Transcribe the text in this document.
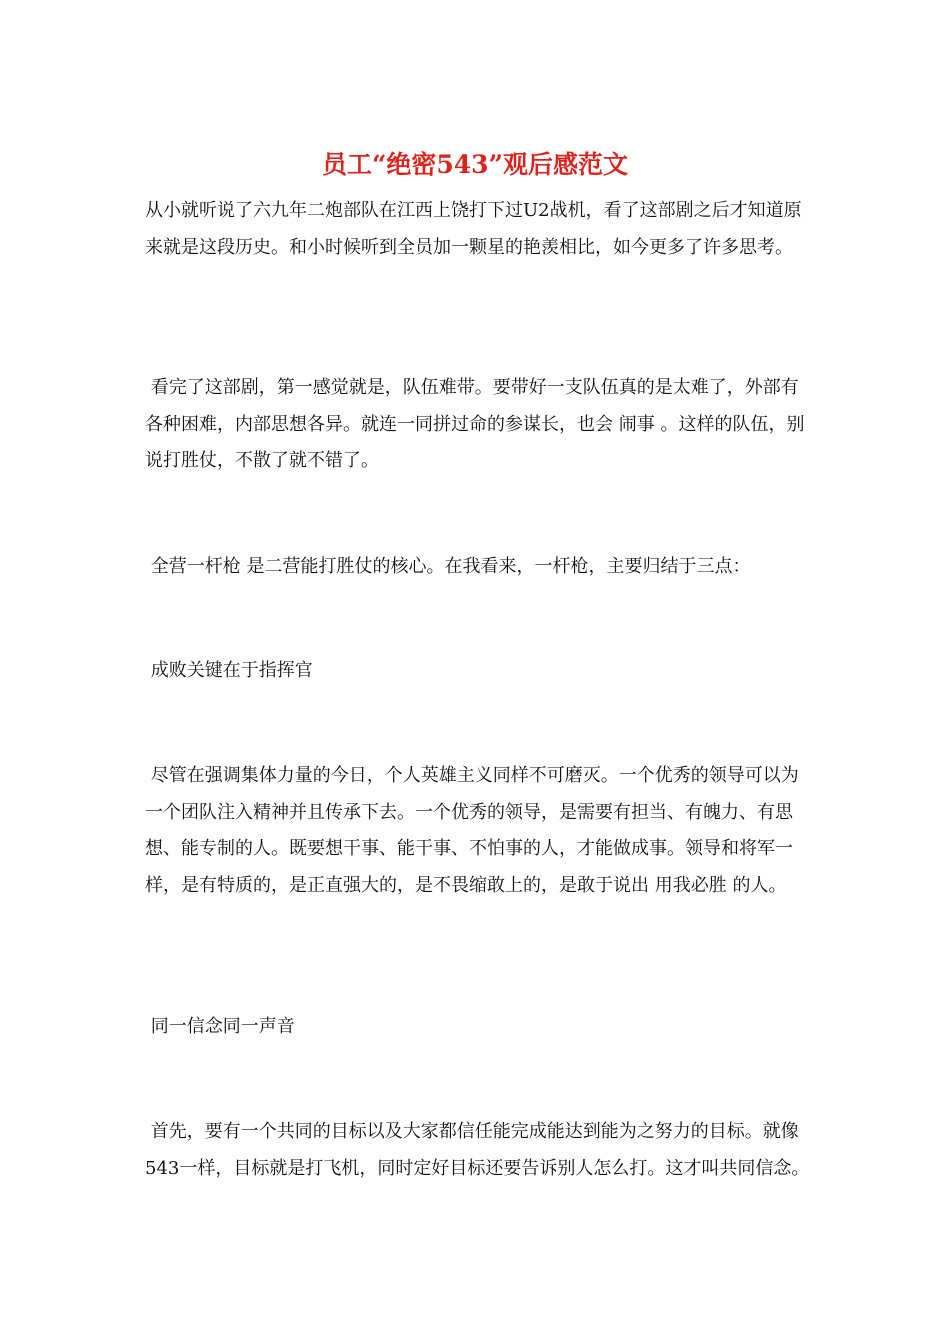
员工“绝密543”观后感范文

从小就听说了六九年二炮部队在江西上饶打下过U2战机，看了这部剧之后才知道原来就是这段历史。和小时候听到全员加一颗星的艳羡相比，如今更多了许多思考。

看完了这部剧，第一感觉就是，队伍难带。要带好一支队伍真的是太难了，外部有各种困难，内部思想各异。就连一同拼过命的参谋长，也会 闹事 。这样的队伍，别说打胜仗，不散了就不错了。

全营一杆枪 是二营能打胜仗的核心。在我看来，一杆枪，主要归结于三点：

成败关键在于指挥官

尽管在强调集体力量的今日，个人英雄主义同样不可磨灭。一个优秀的领导可以为一个团队注入精神并且传承下去。一个优秀的领导，是需要有担当、有魄力、有思想、能专制的人。既要想干事、能干事、不怕事的人，才能做成事。领导和将军一样，是有特质的，是正直强大的，是不畏缩敢上的，是敢于说出 用我必胜 的人。

同一信念同一声音

首先，要有一个共同的目标以及大家都信任能完成能达到能为之努力的目标。就像543一样，目标就是打飞机，同时定好目标还要告诉别人怎么打。这才叫共同信念。
